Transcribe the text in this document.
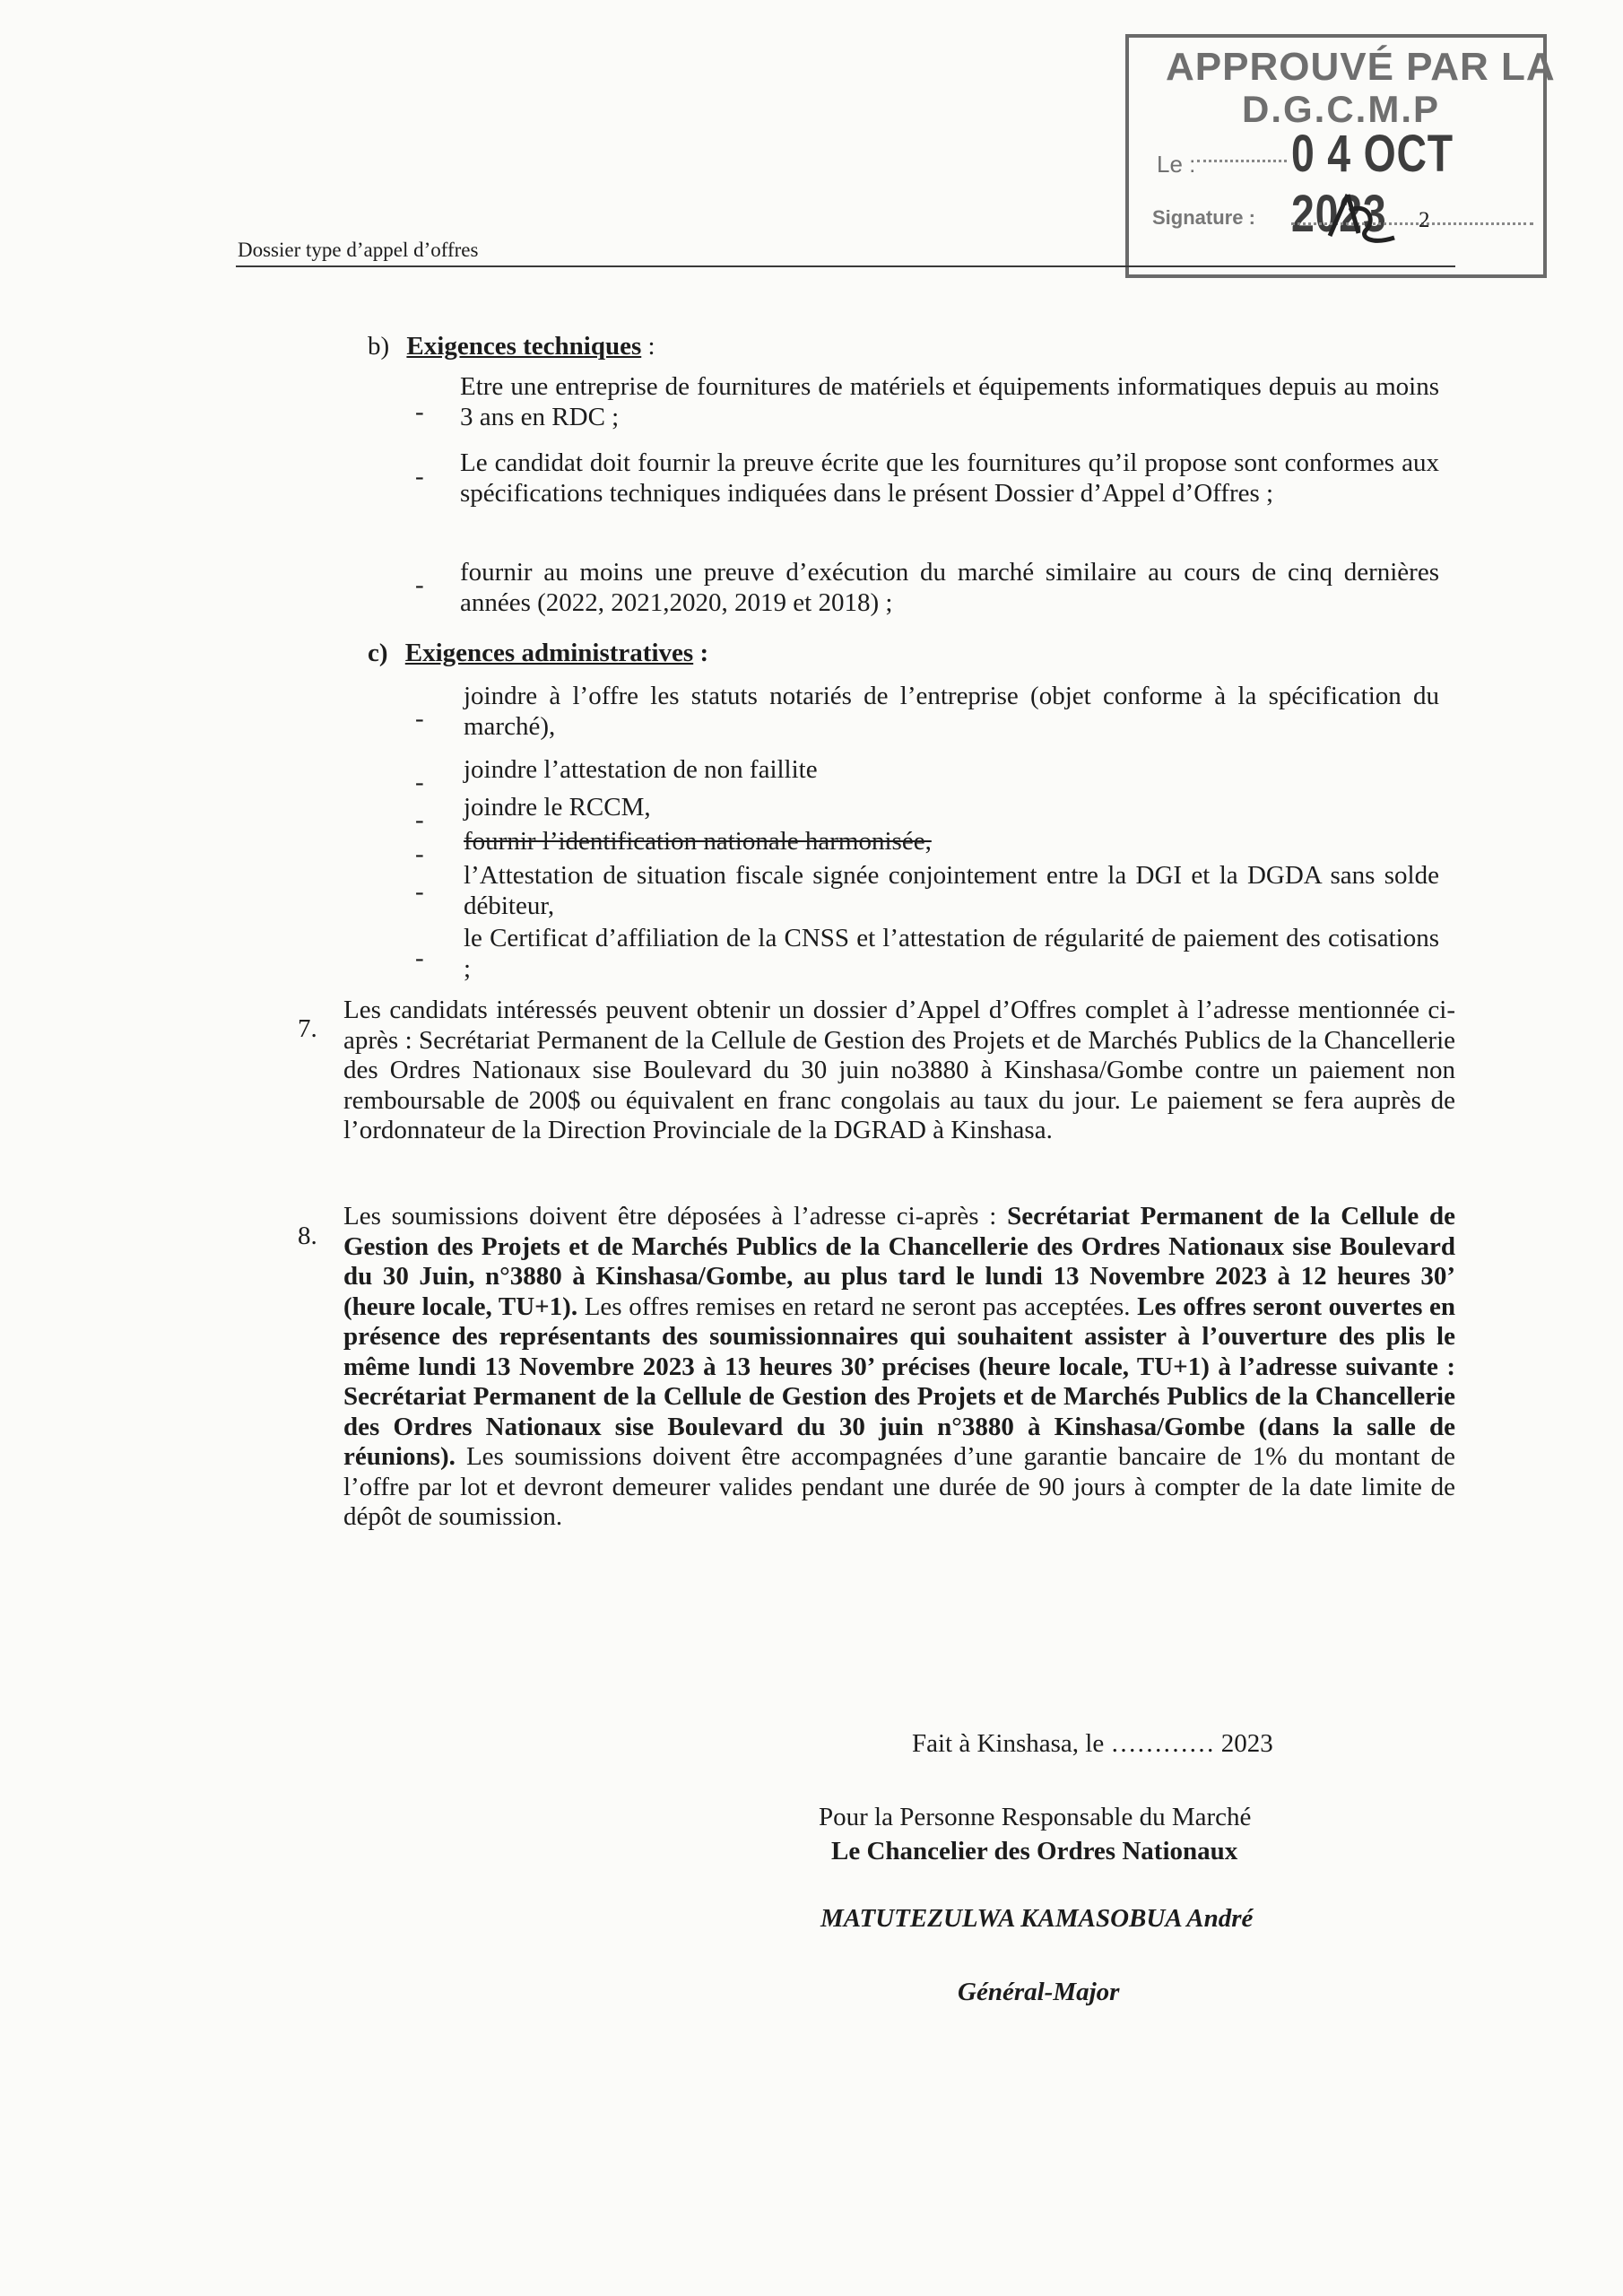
APPROUVÉ PAR LA
D.G.C.M.P
Le : 0 4 OCT 2023
Signature :	2
Dossier type d’appel d’offres
b) Exigences techniques :
-
Etre une entreprise de fournitures de matériels et équipements informatiques depuis au moins 3 ans en RDC ;
- Le candidat doit fournir la preuve écrite que les fournitures qu’il propose sont conformes aux spécifications techniques indiquées dans le présent Dossier d’Appel d’Offres ;
- fournir au moins une preuve d’exécution du marché similaire au cours de cinq dernières années (2022, 2021,2020, 2019 et 2018) ;
c) Exigences administratives :
-
joindre à l’offre les statuts notariés de l’entreprise (objet conforme à la spécification du marché),
- joindre l’attestation de non faillite
- joindre le RCCM,
- fournir l’identification nationale harmonisée,
-
l’Attestation de situation fiscale signée conjointement entre la DGI et la DGDA sans solde débiteur,
-
le Certificat d’affiliation de la CNSS et l’attestation de régularité de paiement des cotisations ;
7.
Les candidats intéressés peuvent obtenir un dossier d’Appel d’Offres complet à l’adresse mentionnée ci-après : Secrétariat Permanent de la Cellule de Gestion des Projets et de Marchés Publics de la Chancellerie des Ordres Nationaux sise Boulevard du 30 juin no3880 à Kinshasa/Gombe contre un paiement non remboursable de 200$ ou équivalent en franc congolais au taux du jour. Le paiement se fera auprès de l’ordonnateur de la Direction Provinciale de la DGRAD à Kinshasa.
8.
Les soumissions doivent être déposées à l’adresse ci-après : Secrétariat Permanent de la Cellule de Gestion des Projets et de Marchés Publics de la Chancellerie des Ordres Nationaux sise Boulevard du 30 Juin, n°3880 à Kinshasa/Gombe, au plus tard le lundi 13 Novembre 2023 à 12 heures 30’ (heure locale, TU+1). Les offres remises en retard ne seront pas acceptées. Les offres seront ouvertes en présence des représentants des soumissionnaires qui souhaitent assister à l’ouverture des plis le même lundi 13 Novembre 2023 à 13 heures 30’ précises (heure locale, TU+1) à l’adresse suivante : Secrétariat Permanent de la Cellule de Gestion des Projets et de Marchés Publics de la Chancellerie des Ordres Nationaux sise Boulevard du 30 juin n°3880 à Kinshasa/Gombe (dans la salle de réunions). Les soumissions doivent être accompagnées d’une garantie bancaire de 1% du montant de l’offre par lot et devront demeurer valides pendant une durée de 90 jours à compter de la date limite de dépôt de soumission.
Fait à Kinshasa, le ………… 2023
Pour la Personne Responsable du Marché
Le Chancelier des Ordres Nationaux
MATUTEZULWA KAMASOBUA André
Général-Major
